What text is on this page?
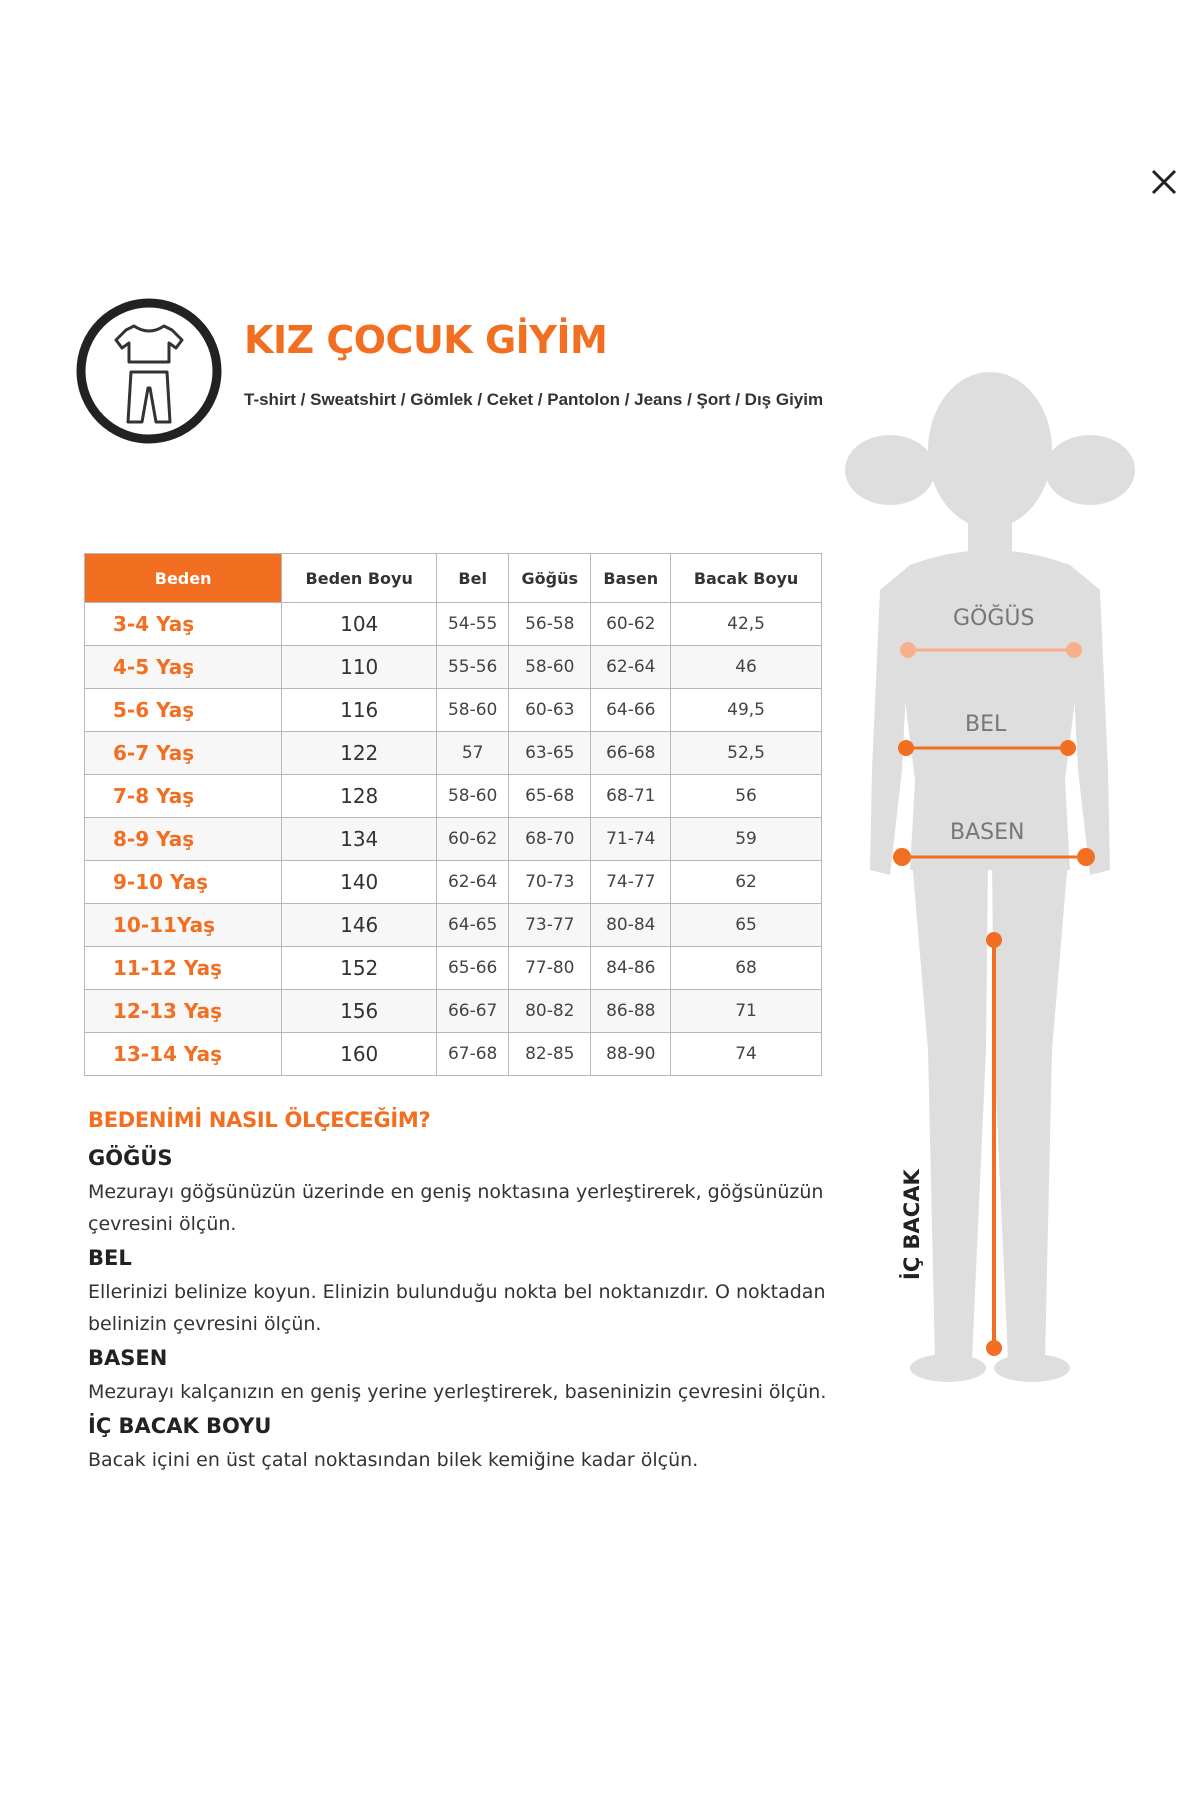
KIZ ÇOCUK GİYİM
T-shirt / Sweatshirt / Gömlek / Ceket / Pantolon / Jeans / Şort / Dış Giyim
Beden	Beden Boyu	Bel	Göğüs	Basen	Bacak Boyu
3-4 Yaş	104	54-55	56-58	60-62	42,5
4-5 Yaş	110	55-56	58-60	62-64	46
5-6 Yaş	116	58-60	60-63	64-66	49,5
6-7 Yaş	122	57	63-65	66-68	52,5
7-8 Yaş	128	58-60	65-68	68-71	56
8-9 Yaş	134	60-62	68-70	71-74	59
9-10 Yaş	140	62-64	70-73	74-77	62
10-11Yaş	146	64-65	73-77	80-84	65
11-12 Yaş	152	65-66	77-80	84-86	68
12-13 Yaş	156	66-67	80-82	86-88	71
13-14 Yaş	160	67-68	82-85	88-90	74
BEDENİMİ NASIL ÖLÇECEĞİM?
GÖĞÜS
Mezurayı göğsünüzün üzerinde en geniş noktasına yerleştirerek, göğsünüzün çevresini ölçün.
BEL
Ellerinizi belinize koyun. Elinizin bulunduğu nokta bel noktanızdır. O noktadan belinizin çevresini ölçün.
BASEN
Mezurayı kalçanızın en geniş yerine yerleştirerek, baseninizin çevresini ölçün.
İÇ BACAK BOYU
Bacak içini en üst çatal noktasından bilek kemiğine kadar ölçün.
GÖĞÜS
BEL
BASEN
İÇ BACAK
